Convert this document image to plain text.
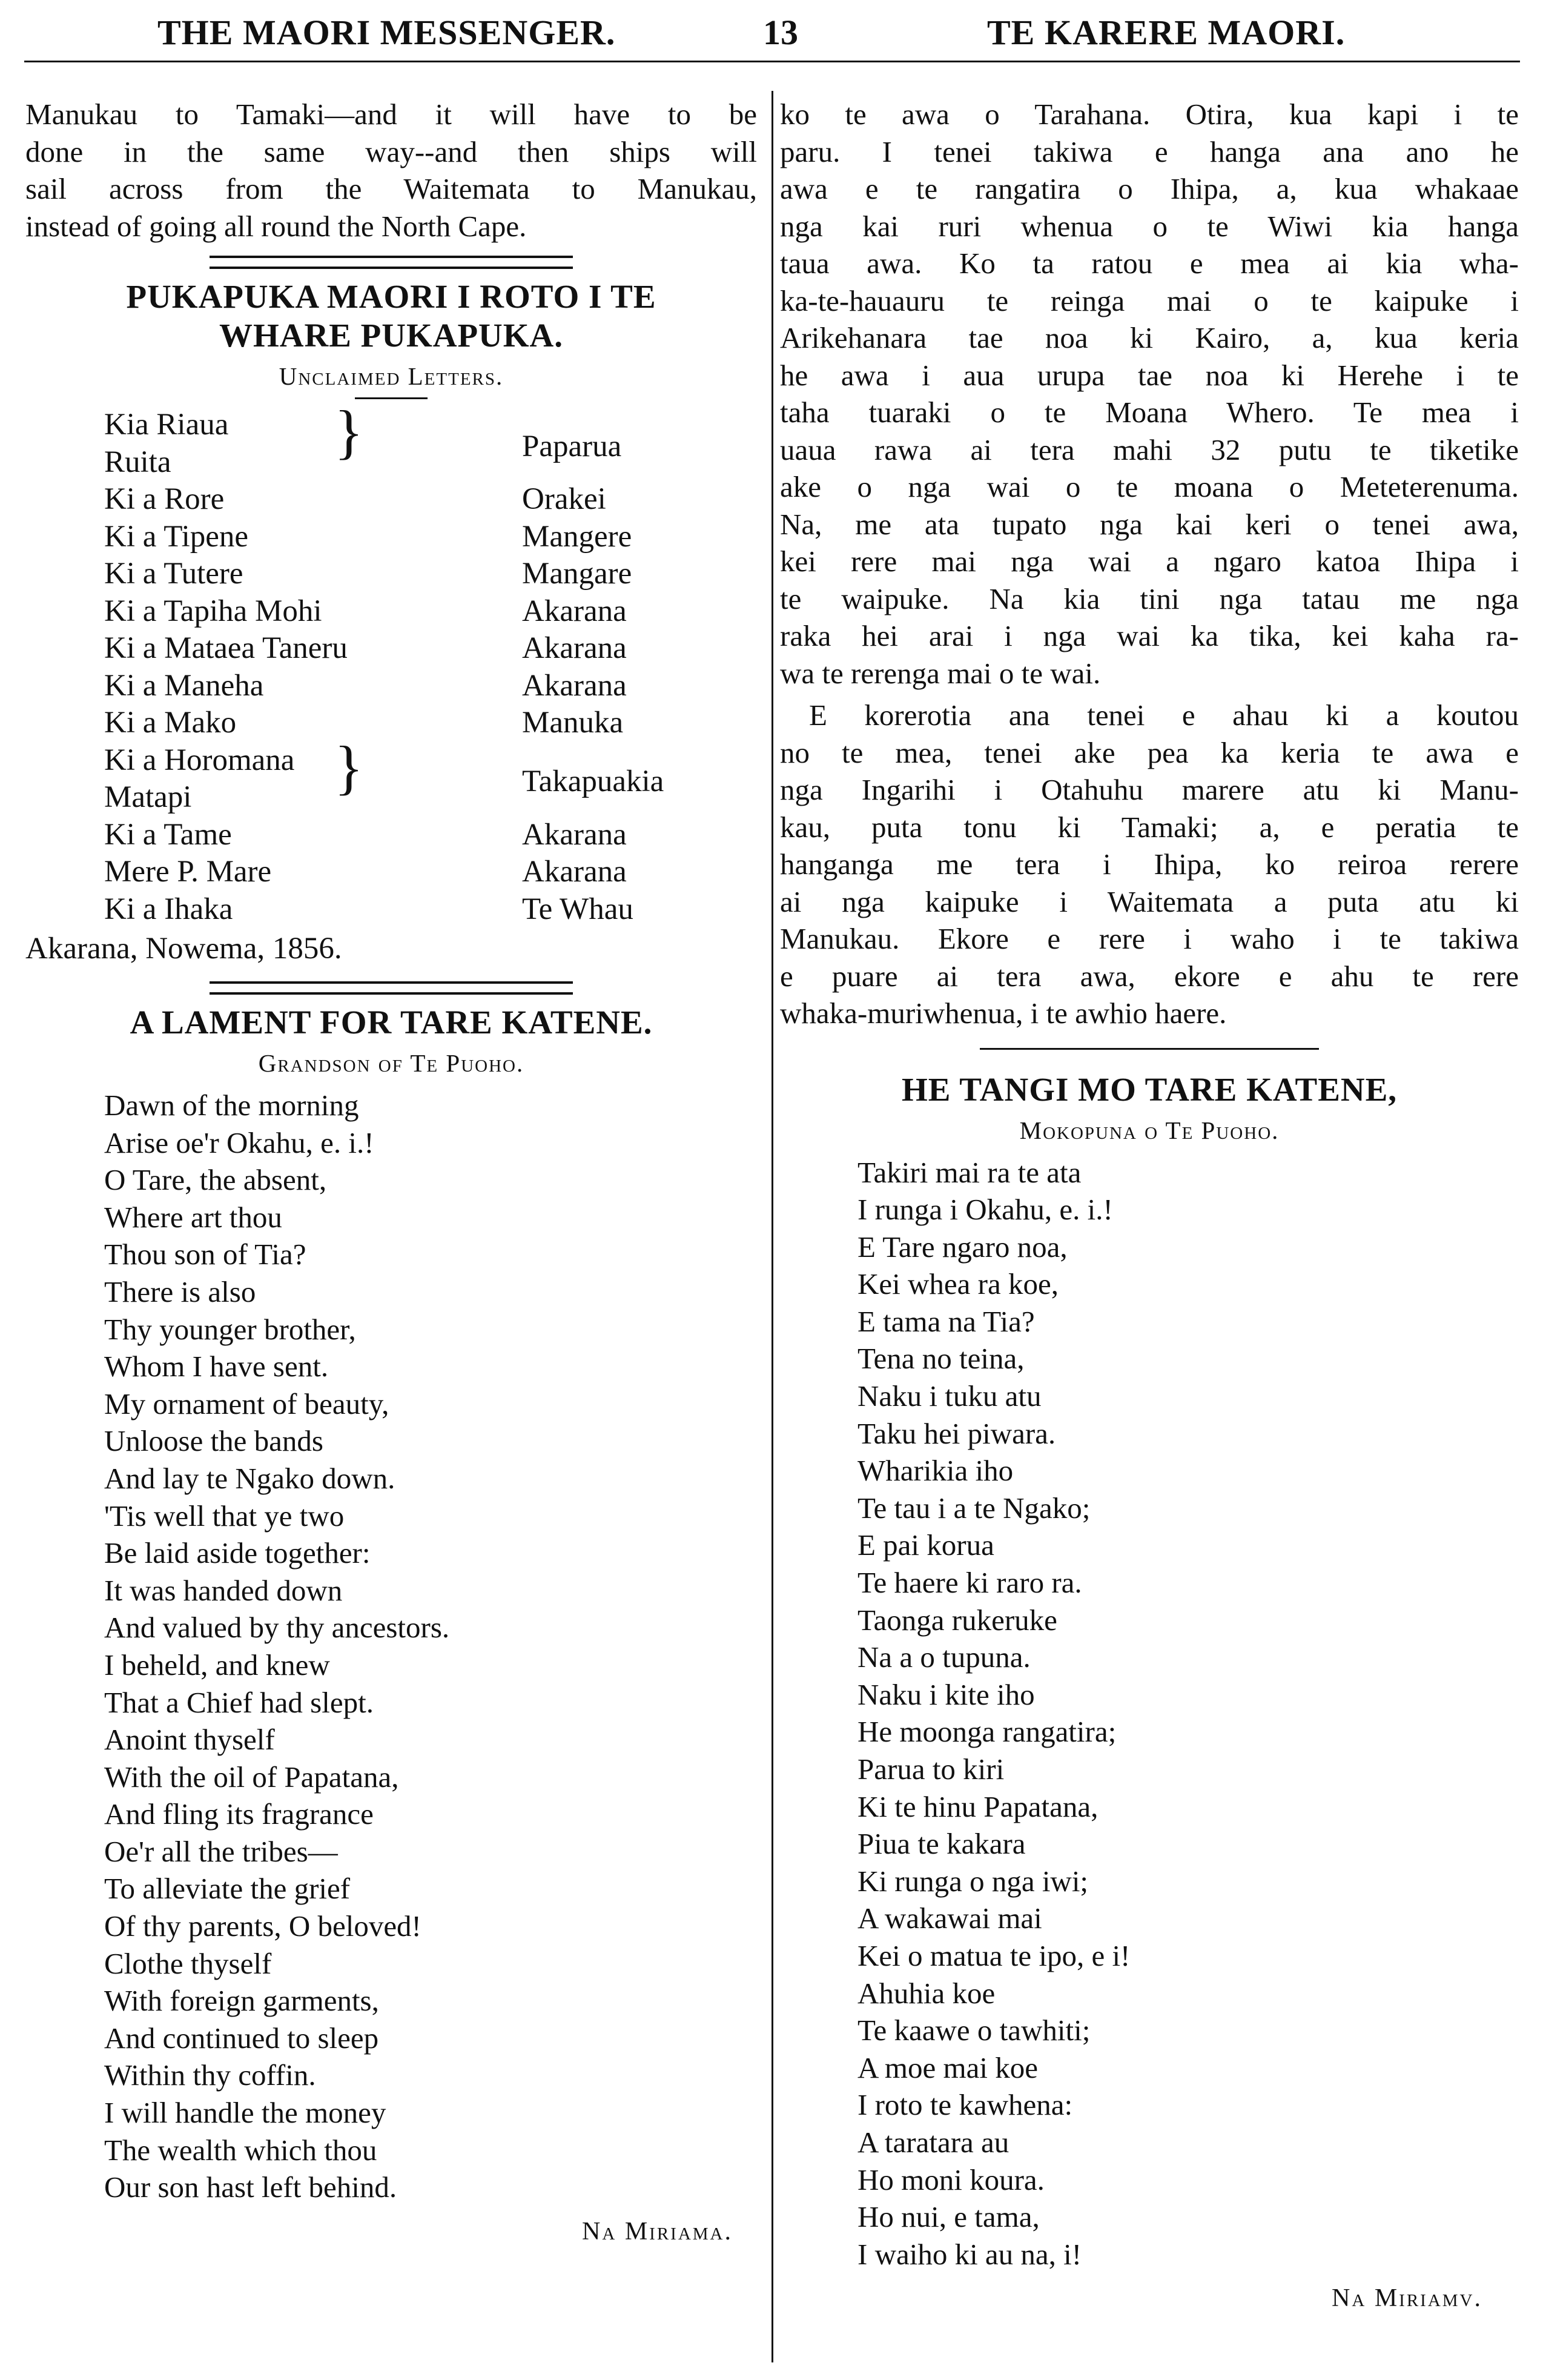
THE MAORI MESSENGER.	13	TE KARERE MAORI.
Manukau to Tamaki—and it will have to be
done in the same way--and then ships will
sail across from the Waitemata to Manukau,
instead of going all round the North Cape.

PUKAPUKA MAORI I ROTO I TE

WHARE PUKAPUKA.

Unclaimed Letters.

Kia Riaua }
Ruita	Paparua
Ki a Rore	Orakei
Ki a Tipene	Mangere
Ki a Tutere	Mangare
Ki a Tapiha Mohi	Akarana
Ki a Mataea Taneru	Akarana
Ki a Maneha	Akarana
Ki a Mako	Manuka
Ki a Horomana }
Matapi	Takapuakia
Ki a Tame	Akarana
Mere P. Mare	Akarana
Ki a Ihaka	Te Whau
Akarana, Nowema, 1856.

A LAMENT FOR TARE KATENE.

Grandson of Te Puoho.

Dawn of the morning
Arise oe'r Okahu, e. i.!
O Tare, the absent,
Where art thou
Thou son of Tia?
There is also
Thy younger brother,
Whom I have sent.
My ornament of beauty,
Unloose the bands
And lay te Ngako down.
'Tis well that ye two
Be laid aside together:
It was handed down
And valued by thy ancestors.
I beheld, and knew
That a Chief had slept.
Anoint thyself
With the oil of Papatana,
And fling its fragrance
Oe'r all the tribes—
To alleviate the grief
Of thy parents, O beloved!
Clothe thyself
With foreign garments,
And continued to sleep
Within thy coffin.
I will handle the money
The wealth which thou
Our son hast left behind.
Na Miriama.
ko te awa o Tarahana. Otira, kua kapi i te
paru. I tenei takiwa e hanga ana ano he
awa e te rangatira o Ihipa, a, kua whakaae
nga kai ruri whenua o te Wiwi kia hanga
taua awa. Ko ta ratou e mea ai kia wha-
ka-te-hauauru te reinga mai o te kaipuke i
Arikehanara tae noa ki Kairo, a, kua keria
he awa i aua urupa tae noa ki Herehe i te
taha tuaraki o te Moana Whero. Te mea i
uaua rawa ai tera mahi 32 putu te tiketike
ake o nga wai o te moana o Meteterenuma.
Na, me ata tupato nga kai keri o tenei awa,
kei rere mai nga wai a ngaro katoa Ihipa i
te waipuke. Na kia tini nga tatau me nga
raka hei arai i nga wai ka tika, kei kaha ra-
wa te rerenga mai o te wai.
E korerotia ana tenei e ahau ki a koutou
no te mea, tenei ake pea ka keria te awa e
nga Ingarihi i Otahuhu marere atu ki Manu-
kau, puta tonu ki Tamaki; a, e peratia te
hanganga me tera i Ihipa, ko reiroa rerere
ai nga kaipuke i Waitemata a puta atu ki
Manukau. Ekore e rere i waho i te takiwa
e puare ai tera awa, ekore e ahu te rere
whaka-muriwhenua, i te awhio haere.

HE TANGI MO TARE KATENE,

Mokopuna o Te Puoho.

Takiri mai ra te ata
I runga i Okahu, e. i.!
E Tare ngaro noa,
Kei whea ra koe,
E tama na Tia?
Tena no teina,
Naku i tuku atu
Taku hei piwara.
Wharikia iho
Te tau i a te Ngako;
E pai korua
Te haere ki raro ra.
Taonga rukeruke
Na a o tupuna.
Naku i kite iho
He moonga rangatira;
Parua to kiri
Ki te hinu Papatana,
Piua te kakara
Ki runga o nga iwi;
A wakawai mai
Kei o matua te ipo, e i!
Ahuhia koe
Te kaawe o tawhiti;
A moe mai koe
I roto te kawhena:
A taratara au
Ho moni koura.
Ho nui, e tama,
I waiho ki au na, i!
Na Miriamv.
